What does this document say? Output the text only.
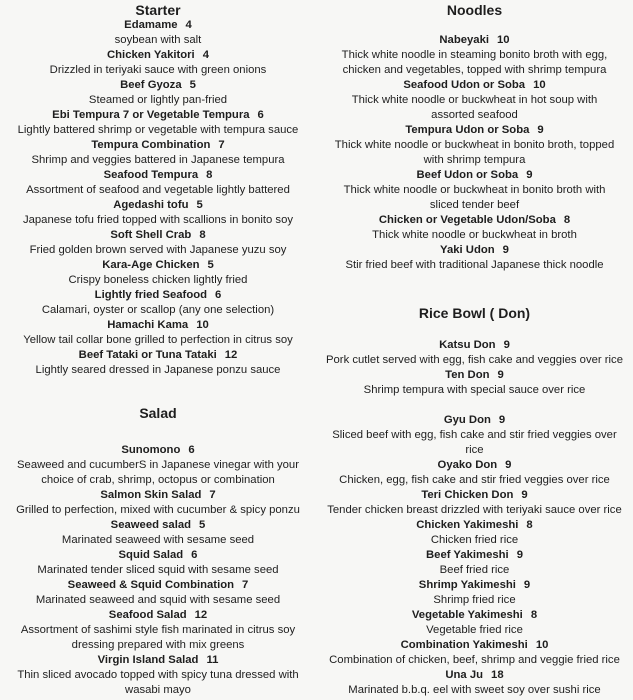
Starter
Edamame 4
soybean with salt
Chicken Yakitori 4
Drizzled in teriyaki sauce with green onions
Beef Gyoza 5
Steamed or lightly pan-fried
Ebi Tempura 7 or Vegetable Tempura 6
Lightly battered shrimp or vegetable with tempura sauce
Tempura Combination 7
Shrimp and veggies battered in Japanese tempura
Seafood Tempura 8
Assortment of seafood and vegetable lightly battered
Agedashi tofu 5
Japanese tofu fried topped with scallions in bonito soy
Soft Shell Crab 8
Fried golden brown served with Japanese yuzu soy
Kara-Age Chicken 5
Crispy boneless chicken lightly fried
Lightly fried Seafood 6
Calamari, oyster or scallop (any one selection)
Hamachi Kama 10
Yellow tail collar bone grilled to perfection in citrus soy
Beef Tataki or Tuna Tataki 12
Lightly seared dressed in Japanese ponzu sauce
Salad
Sunomono 6
Seaweed and cucumberS in Japanese vinegar with your
choice of crab, shrimp, octopus or combination
Salmon Skin Salad 7
Grilled to perfection, mixed with cucumber & spicy ponzu
Seaweed salad 5
Marinated seaweed with sesame seed
Squid Salad 6
Marinated tender sliced squid with sesame seed
Seaweed & Squid Combination 7
Marinated seaweed and squid with sesame seed
Seafood Salad 12
Assortment of sashimi style fish marinated in citrus soy
dressing prepared with mix greens
Virgin Island Salad 11
Thin sliced avocado topped with spicy tuna dressed with
wasabi mayo
Noodles
Nabeyaki 10
Thick white noodle in steaming bonito broth with egg,
chicken and vegetables, topped with shrimp tempura
Seafood Udon or Soba 10
Thick white noodle or buckwheat in hot soup with
assorted seafood
Tempura Udon or Soba 9
Thick white noodle or buckwheat in bonito broth, topped
with shrimp tempura
Beef Udon or Soba 9
Thick white noodle or buckwheat in bonito broth with
sliced tender beef
Chicken or Vegetable Udon/Soba 8
Thick white noodle or buckwheat in broth
Yaki Udon 9
Stir fried beef with traditional Japanese thick noodle
Rice Bowl ( Don)
Katsu Don 9
Pork cutlet served with egg, fish cake and veggies over rice
Ten Don 9
Shrimp tempura with special sauce over rice
Gyu Don 9
Sliced beef with egg, fish cake and stir fried veggies over
rice
Oyako Don 9
Chicken, egg, fish cake and stir fried veggies over rice
Teri Chicken Don 9
Tender chicken breast drizzled with teriyaki sauce over rice
Chicken Yakimeshi 8
Chicken fried rice
Beef Yakimeshi 9
Beef fried rice
Shrimp Yakimeshi 9
Shrimp fried rice
Vegetable Yakimeshi 8
Vegetable fried rice
Combination Yakimeshi 10
Combination of chicken, beef, shrimp and veggie fried rice
Una Ju 18
Marinated b.b.q. eel with sweet soy over sushi rice
